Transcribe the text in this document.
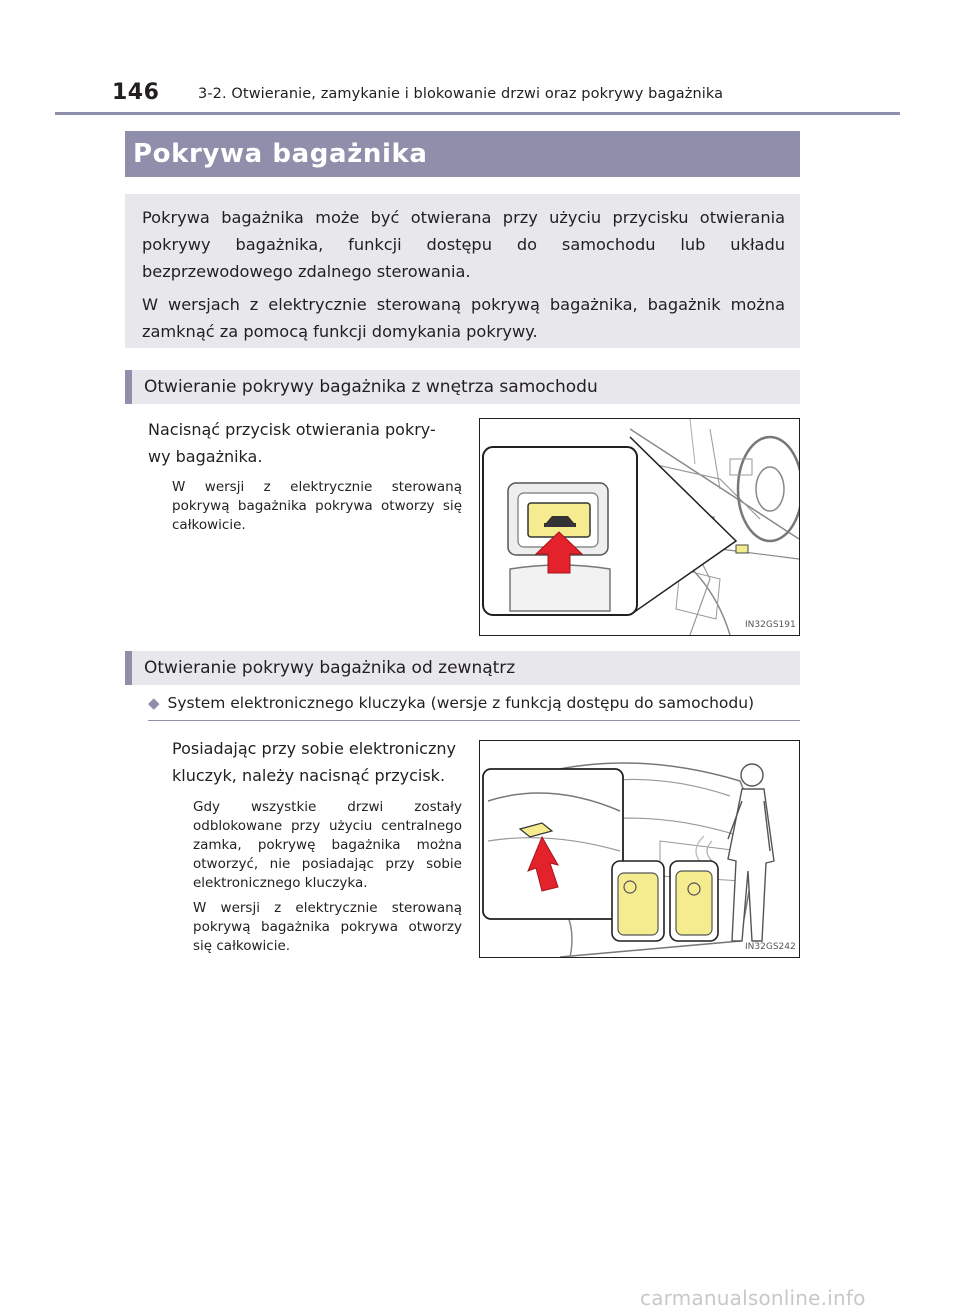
146	3-2. Otwieranie, zamykanie i blokowanie drzwi oraz pokrywy bagażnika
Pokrywa bagażnika

Pokrywa bagażnika może być otwierana przy użyciu przycisku otwierania pokrywy bagażnika, funkcji dostępu do samochodu lub układu bezprzewodowego zdalnego sterowania.

W wersjach z elektrycznie sterowaną pokrywą bagażnika, bagażnik można zamknąć za pomocą funkcji domykania pokrywy.

Otwieranie pokrywy bagażnika z wnętrza samochodu
Nacisnąć przycisk otwierania pokry-
wy bagażnika.

W wersji z elektrycznie sterowaną pokrywą bagażnika pokrywa otworzy się całkowicie.

IN32GS191
Otwieranie pokrywy bagażnika od zewnątrz
◆ System elektronicznego kluczyka (wersje z funkcją dostępu do samochodu)
Posiadając przy sobie elektroniczny
kluczyk, należy nacisnąć przycisk.

Gdy wszystkie drzwi zostały odblokowane przy użyciu centralnego zamka, pokrywę bagażnika można otworzyć, nie posiadając przy sobie elektronicznego kluczyka.

W wersji z elektrycznie sterowaną pokrywą bagażnika pokrywa otworzy się całkowicie.	IN32GS242
carmanualsonline.info
